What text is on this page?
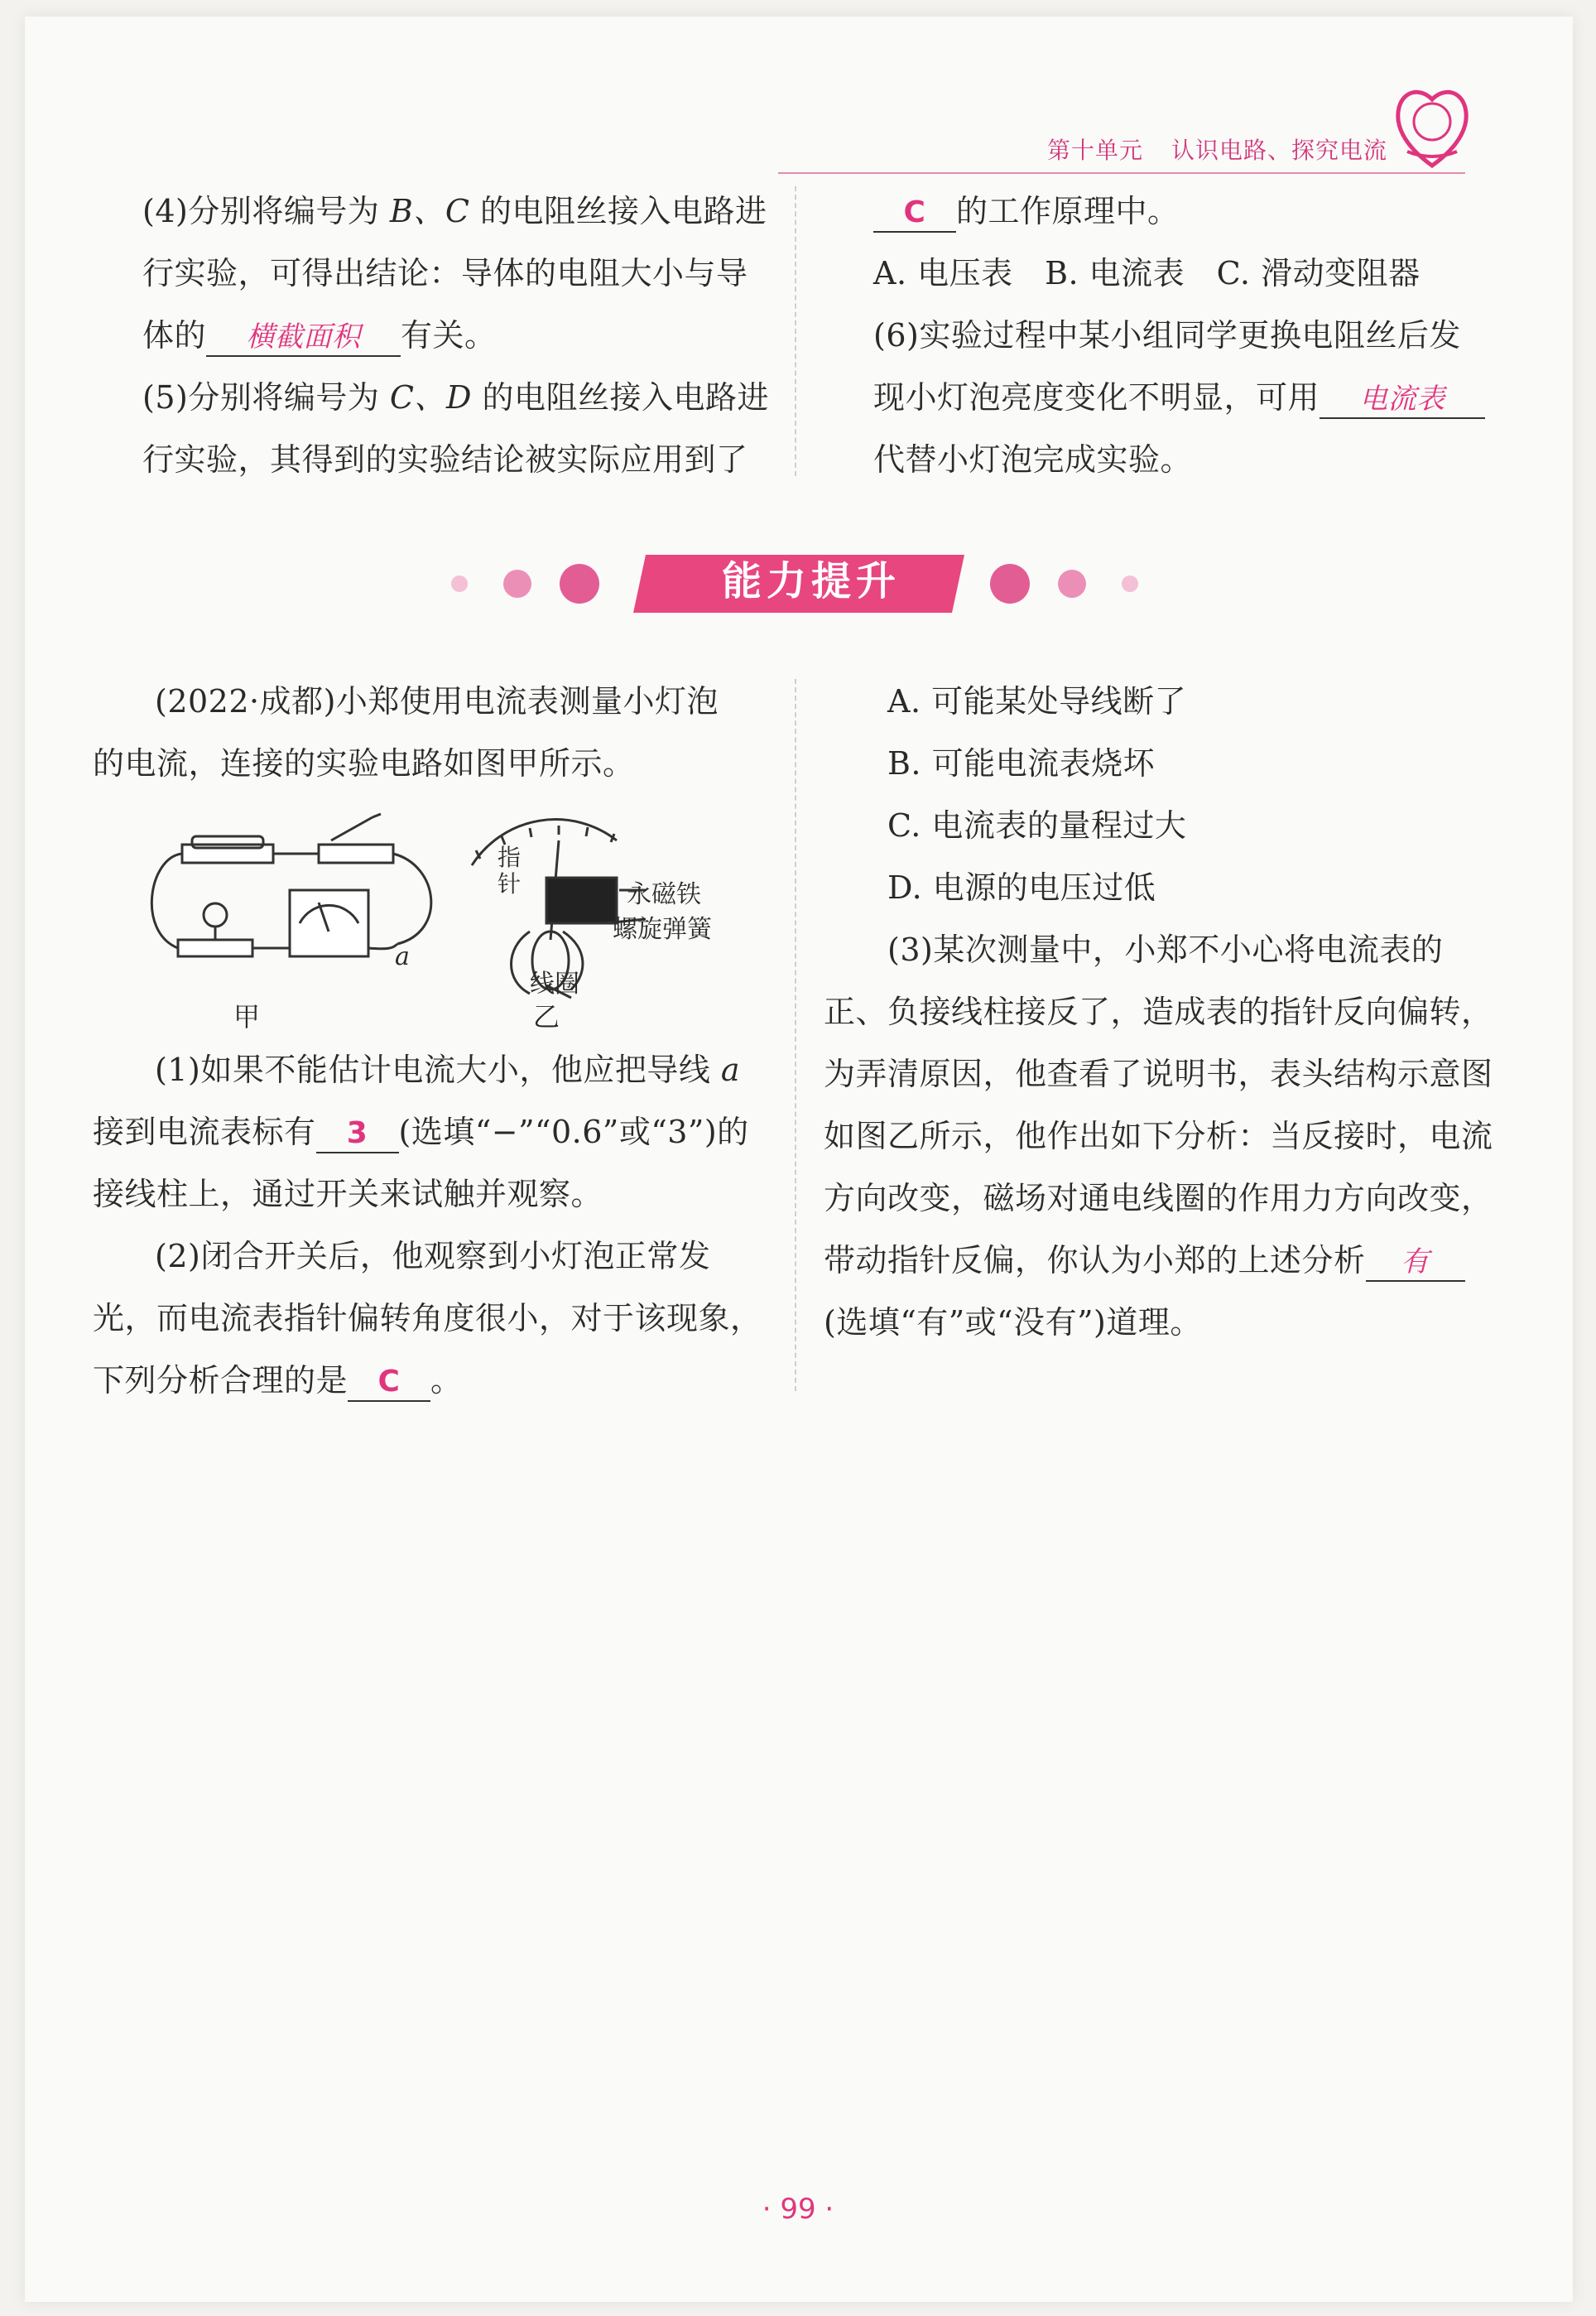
第十单元 认识电路、探究电流

(4)分别将编号为 B、C 的电阻丝接入电路进

行实验，可得出结论：导体的电阻大小与导

体的 横截面积 有关。

(5)分别将编号为 C、D 的电阻丝接入电路进

行实验，其得到的实验结论被实际应用到了

C 的工作原理中。

A. 电压表　B. 电流表　C. 滑动变阻器

(6)实验过程中某小组同学更换电阻丝后发

现小灯泡亮度变化不明显，可用 电流表

代替小灯泡完成实验。

能力提升

(2022·成都)小郑使用电流表测量小灯泡

的电流，连接的实验电路如图甲所示。

a
指针	永磁铁
螺旋弹簧
线圈
甲	乙

(1)如果不能估计电流大小，他应把导线 a

接到电流表标有 3 (选填“−”“0.6”或“3”)的

接线柱上，通过开关来试触并观察。

(2)闭合开关后，他观察到小灯泡正常发

光，而电流表指针偏转角度很小，对于该现象，

下列分析合理的是 C 。

A. 可能某处导线断了

B. 可能电流表烧坏

C. 电流表的量程过大

D. 电源的电压过低

(3)某次测量中，小郑不小心将电流表的

正、负接线柱接反了，造成表的指针反向偏转，

为弄清原因，他查看了说明书，表头结构示意图

如图乙所示，他作出如下分析：当反接时，电流

方向改变，磁场对通电线圈的作用力方向改变，

带动指针反偏，你认为小郑的上述分析 有

(选填“有”或“没有”)道理。

· 99 ·
